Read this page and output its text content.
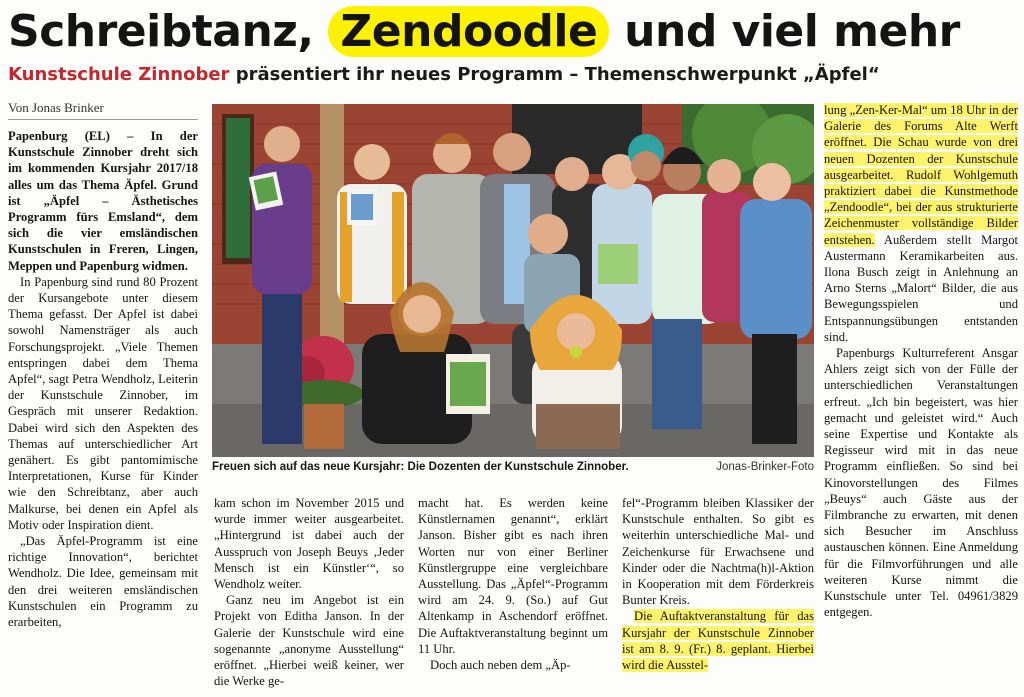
Schreibtanz, Zendoodle und viel mehr
Kunstschule Zinnober präsentiert ihr neues Programm – Themenschwerpunkt „Äpfel“
Von Jonas Brinker

Papenburg (EL) – In der Kunstschule Zinnober dreht sich im kommenden Kursjahr 2017/18 alles um das Thema Äpfel. Grund ist „Äpfel – Ästhetisches Programm fürs Emsland“, dem sich die vier emsländischen Kunstschulen in Freren, Lingen, Meppen und Papenburg widmen.

In Papenburg sind rund 80 Prozent der Kursangebote unter diesem Thema gefasst. Der Apfel ist dabei sowohl Namensträger als auch Forschungsprojekt. „Viele Themen entspringen dabei dem Thema Apfel“, sagt Petra Wendholz, Leiterin der Kunstschule Zinnober, im Gespräch mit unserer Redaktion. Dabei wird sich den Aspekten des Themas auf unterschiedlicher Art genähert. Es gibt pantomimische Interpretationen, Kurse für Kinder wie den Schreibtanz, aber auch Malkurse, bei denen ein Apfel als Motiv oder Inspiration dient.

„Das Äpfel-Programm ist eine richtige Innovation“, berichtet Wendholz. Die Idee, gemeinsam mit den drei weiteren emsländischen Kunstschulen ein Programm zu erarbeiten,

Freuen sich auf das neue Kursjahr: Die Dozenten der Kunstschule Zinnober.	Jonas-Brinker-Foto

kam schon im November 2015 und wurde immer weiter ausgearbeitet. „Hintergrund ist dabei auch der Ausspruch von Joseph Beuys ‚Jeder Mensch ist ein Künstler‘“, so Wendholz weiter.

Ganz neu im Angebot ist ein Projekt von Editha Janson. In der Galerie der Kunstschule wird eine sogenannte „anonyme Ausstellung“ eröffnet. „Hierbei weiß keiner, wer die Werke ge-

macht hat. Es werden keine Künstlernamen genannt“, erklärt Janson. Bisher gibt es nach ihren Worten nur von einer Berliner Künstlergruppe eine vergleichbare Ausstellung. Das „Äpfel“-Programm wird am 24. 9. (So.) auf Gut Altenkamp in Aschendorf eröffnet. Die Auftaktveranstaltung beginnt um 11 Uhr.

Doch auch neben dem „Äp-

fel“-Programm bleiben Klassiker der Kunstschule enthalten. So gibt es weiterhin unterschiedliche Mal- und Zeichenkurse für Erwachsene und Kinder oder die Nachtma(h)l-Aktion in Kooperation mit dem Förderkreis Bunter Kreis.

Die Auftaktveranstaltung für das Kursjahr der Kunstschule Zinnober ist am 8. 9. (Fr.) 8. geplant. Hierbei wird die Ausstel-

lung „Zen-Ker-Mal“ um 18 Uhr in der Galerie des Forums Alte Werft eröffnet. Die Schau wurde von drei neuen Dozenten der Kunstschule ausgearbeitet. Rudolf Wohlgemuth praktiziert dabei die Kunstmethode „Zendoodle“, bei der aus strukturierte Zeichenmuster vollständige Bilder entstehen. Außerdem stellt Margot Austermann Keramikarbeiten aus. Ilona Busch zeigt in Anlehnung an Arno Sterns „Malort“ Bilder, die aus Bewegungsspielen und Entspannungsübungen entstanden sind.

Papenburgs Kulturreferent Ansgar Ahlers zeigt sich von der Fülle der unterschiedlichen Veranstaltungen erfreut. „Ich bin begeistert, was hier gemacht und geleistet wird.“ Auch seine Expertise und Kontakte als Regisseur wird mit in das neue Programm einfließen. So sind bei Kinovorstellungen des Filmes „Beuys“ auch Gäste aus der Filmbranche zu erwarten, mit denen sich Besucher im Anschluss austauschen können. Eine Anmeldung für die Filmvorführungen und alle weiteren Kurse nimmt die Kunstschule unter Tel. 04961/3829 entgegen.
